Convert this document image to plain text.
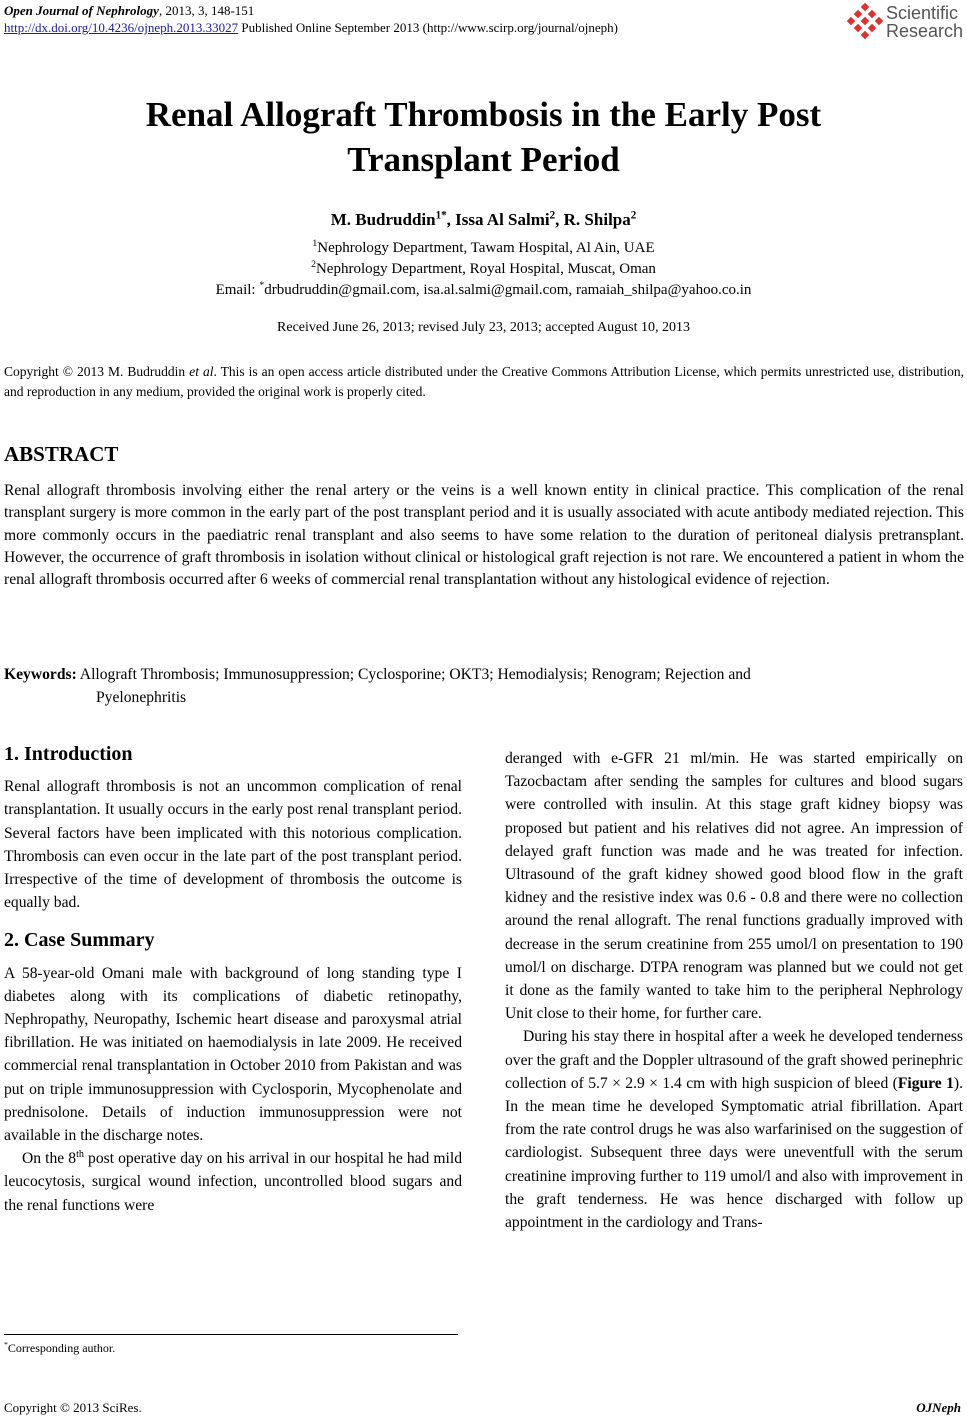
Open Journal of Nephrology, 2013, 3, 148-151
http://dx.doi.org/10.4236/ojneph.2013.33027 Published Online September 2013 (http://www.scirp.org/journal/ojneph)
Scientific
Research
Renal Allograft Thrombosis in the Early Post
Transplant Period
M. Budruddin$^{1*}$, Issa Al Salmi$^2$, R. Shilpa$^2$
$^1$Nephrology Department, Tawam Hospital, Al Ain, UAE
$^2$Nephrology Department, Royal Hospital, Muscat, Oman
Email: *drbudruddin@gmail.com, isa.al.salmi@gmail.com, ramaiah_shilpa@yahoo.co.in
Received June 26, 2013; revised July 23, 2013; accepted August 10, 2013
Copyright © 2013 M. Budruddin et al. This is an open access article distributed under the Creative Commons Attribution License, which permits unrestricted use, distribution, and reproduction in any medium, provided the original work is properly cited.
ABSTRACT
Renal allograft thrombosis involving either the renal artery or the veins is a well known entity in clinical practice. This complication of the renal transplant surgery is more common in the early part of the post transplant period and it is usually associated with acute antibody mediated rejection. This more commonly occurs in the paediatric renal transplant and also seems to have some relation to the duration of peritoneal dialysis pretransplant. However, the occurrence of graft thrombosis in isolation without clinical or histological graft rejection is not rare. We encountered a patient in whom the renal allograft thrombosis occurred after 6 weeks of commercial renal transplantation without any histological evidence of rejection.
Keywords: Allograft Thrombosis; Immunosuppression; Cyclosporine; OKT3; Hemodialysis; Renogram; Rejection and
Pyelonephritis
1. Introduction

Renal allograft thrombosis is not an uncommon complication of renal transplantation. It usually occurs in the early post renal transplant period. Several factors have been implicated with this notorious complication. Thrombosis can even occur in the late part of the post transplant period. Irrespective of the time of development of thrombosis the outcome is equally bad.

2. Case Summary

A 58-year-old Omani male with background of long standing type I diabetes along with its complications of diabetic retinopathy, Nephropathy, Neuropathy, Ischemic heart disease and paroxysmal atrial fibrillation. He was initiated on haemodialysis in late 2009. He received commercial renal transplantation in October 2010 from Pakistan and was put on triple immunosuppression with Cyclosporin, Mycophenolate and prednisolone. Details of induction immunosuppression were not available in the discharge notes.

On the 8th post operative day on his arrival in our hospital he had mild leucocytosis, surgical wound infection, uncontrolled blood sugars and the renal functions were

deranged with e-GFR 21 ml/min. He was started empirically on Tazocbactam after sending the samples for cultures and blood sugars were controlled with insulin. At this stage graft kidney biopsy was proposed but patient and his relatives did not agree. An impression of delayed graft function was made and he was treated for infection. Ultrasound of the graft kidney showed good blood flow in the graft kidney and the resistive index was 0.6 - 0.8 and there were no collection around the renal allograft. The renal functions gradually improved with decrease in the serum creatinine from 255 umol/l on presentation to 190 umol/l on discharge. DTPA renogram was planned but we could not get it done as the family wanted to take him to the peripheral Nephrology Unit close to their home, for further care.

During his stay there in hospital after a week he developed tenderness over the graft and the Doppler ultrasound of the graft showed perinephric collection of 5.7 × 2.9 × 1.4 cm with high suspicion of bleed (Figure 1). In the mean time he developed Symptomatic atrial fibrillation. Apart from the rate control drugs he was also warfarinised on the suggestion of cardiologist. Subsequent three days were uneventfull with the serum creatinine improving further to 119 umol/l and also with improvement in the graft tenderness. He was hence discharged with follow up appointment in the cardiology and Trans-

*Corresponding author.
Copyright © 2013 SciRes.	OJNeph
